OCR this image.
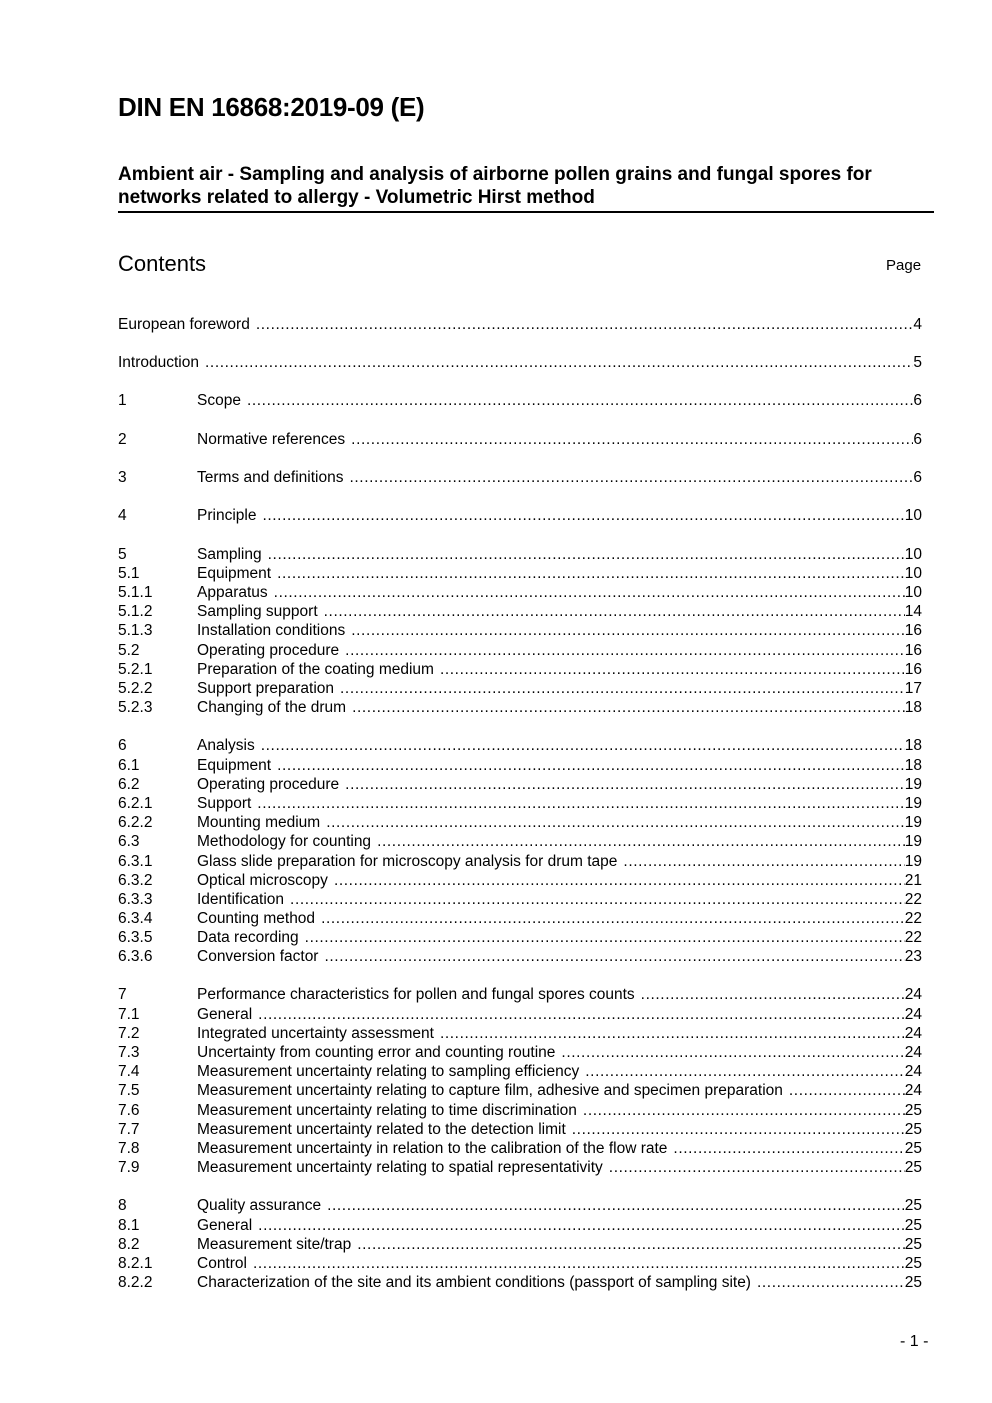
DIN EN 16868:2019-09 (E)
Ambient air - Sampling and analysis of airborne pollen grains and fungal spores for networks related to allergy - Volumetric Hirst method
Contents	Page
European foreword .....	4
Introduction .....	5
1	Scope .....	6
2	Normative references .....	6
3	Terms and definitions .....	6
4	Principle .....	10
5	Sampling .....	10
5.1	Equipment .....	10
5.1.1	Apparatus .....	10
5.1.2	Sampling support .....	14
5.1.3	Installation conditions .....	16
5.2	Operating procedure .....	16
5.2.1	Preparation of the coating medium .....	16
5.2.2	Support preparation .....	17
5.2.3	Changing of the drum .....	18
6	Analysis .....	18
6.1	Equipment .....	18
6.2	Operating procedure .....	19
6.2.1	Support .....	19
6.2.2	Mounting medium .....	19
6.3	Methodology for counting .....	19
6.3.1	Glass slide preparation for microscopy analysis for drum tape .....	19
6.3.2	Optical microscopy .....	21
6.3.3	Identification .....	22
6.3.4	Counting method .....	22
6.3.5	Data recording .....	22
6.3.6	Conversion factor .....	23
7	Performance characteristics for pollen and fungal spores counts .....	24
7.1	General .....	24
7.2	Integrated uncertainty assessment .....	24
7.3	Uncertainty from counting error and counting routine .....	24
7.4	Measurement uncertainty relating to sampling efficiency .....	24
7.5	Measurement uncertainty relating to capture film, adhesive and specimen preparation .....	24
7.6	Measurement uncertainty relating to time discrimination .....	25
7.7	Measurement uncertainty related to the detection limit .....	25
7.8	Measurement uncertainty in relation to the calibration of the flow rate .....	25
7.9	Measurement uncertainty relating to spatial representativity .....	25
8	Quality assurance .....	25
8.1	General .....	25
8.2	Measurement site/trap .....	25
8.2.1	Control .....	25
8.2.2	Characterization of the site and its ambient conditions (passport of sampling site) .....	25
- 1 -
